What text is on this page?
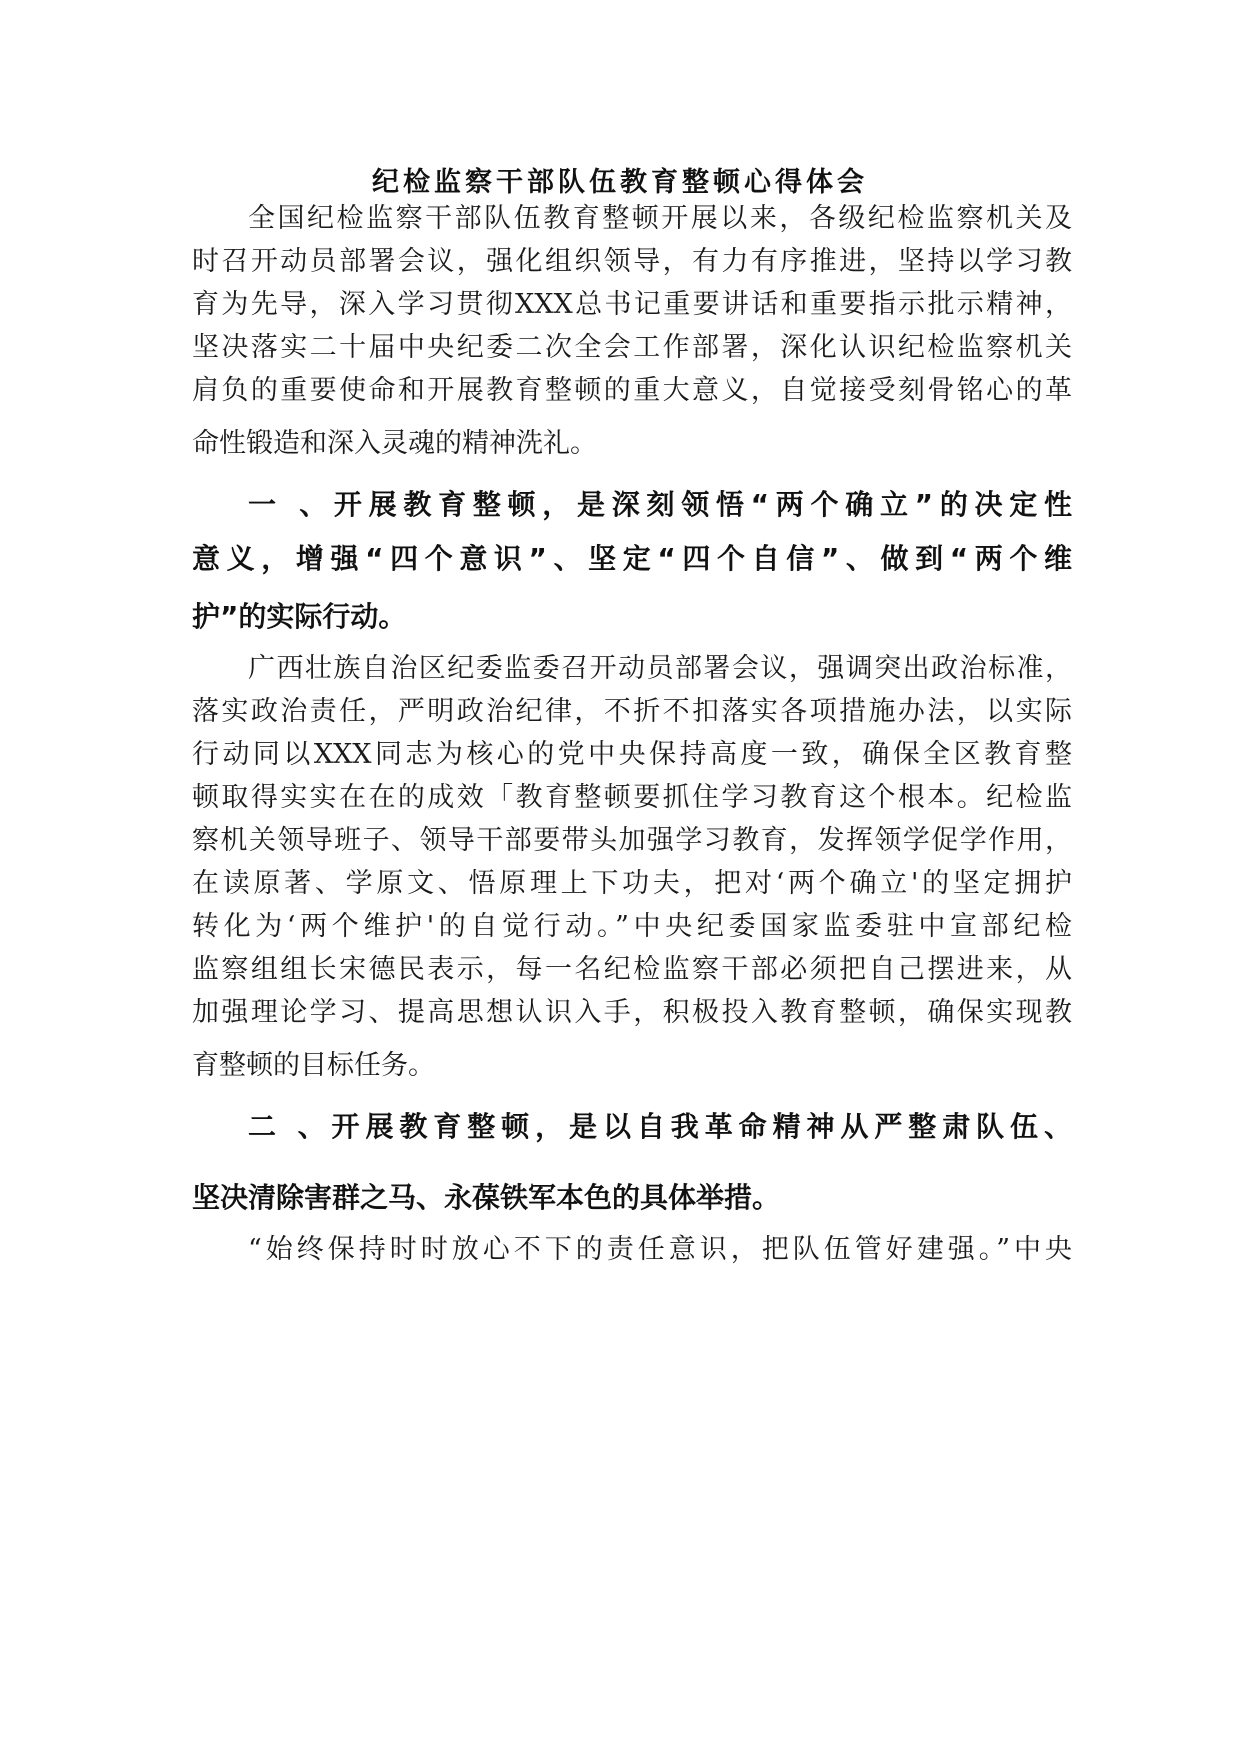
纪检监察干部队伍教育整顿心得体会
全国纪检监察干部队伍教育整顿开展以来，各级纪检监察机关及
时召开动员部署会议，强化组织领导，有力有序推进，坚持以学习教
育为先导，深入学习贯彻XXX总书记重要讲话和重要指示批示精神，
坚决落实二十届中央纪委二次全会工作部署，深化认识纪检监察机关
肩负的重要使命和开展教育整顿的重大意义，自觉接受刻骨铭心的革
命性锻造和深入灵魂的精神洗礼。
一 、开展教育整顿，是深刻领悟“两个确立”的决定性
意义，增强“四个意识”、坚定“四个自信”、做到“两个维
护”的实际行动。
广西壮族自治区纪委监委召开动员部署会议，强调突出政治标准，
落实政治责任，严明政治纪律，不折不扣落实各项措施办法，以实际
行动同以XXX同志为核心的党中央保持高度一致，确保全区教育整
顿取得实实在在的成效「教育整顿要抓住学习教育这个根本。纪检监
察机关领导班子、领导干部要带头加强学习教育，发挥领学促学作用，
在读原著、学原文、悟原理上下功夫，把对‘两个确立'的坚定拥护
转化为‘两个维护'的自觉行动。”中央纪委国家监委驻中宣部纪检
监察组组长宋德民表示，每一名纪检监察干部必须把自己摆进来，从
加强理论学习、提高思想认识入手，积极投入教育整顿，确保实现教
育整顿的目标任务。
二 、开展教育整顿，是以自我革命精神从严整肃队伍、
坚决清除害群之马、永葆铁军本色的具体举措。
“始终保持时时放心不下的责任意识，把队伍管好建强。”中央
